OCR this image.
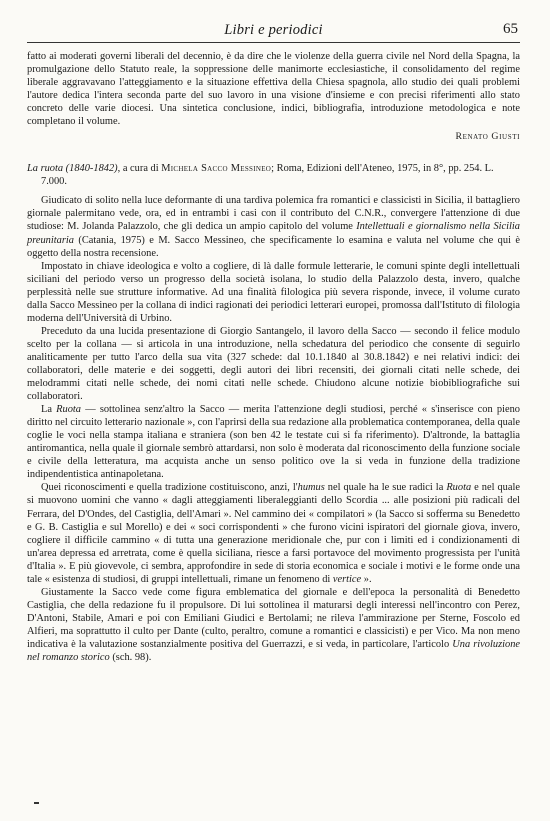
Libri e periodici	65

fatto ai moderati governi liberali del decennio, è da dire che le violenze della guerra civile nel Nord della Spagna, la promulgazione dello Statuto reale, la soppressione delle manimorte ecclesiastiche, il consolidamento del regime liberale aggravavano l'atteggiamento e la situazione effettiva della Chiesa spagnola, allo studio dei quali problemi l'autore dedica l'intera seconda parte del suo lavoro in una visione d'insieme e con precisi riferimenti allo stato concreto delle varie diocesi. Una sintetica conclusione, indici, bibliografia, introduzione metodologica e note completano il volume.

Renato Giusti
La ruota (1840-1842), a cura di Michela Sacco Messineo; Roma, Edizioni dell'Ateneo, 1975, in 8°, pp. 254. L. 7.000.

Giudicato di solito nella luce deformante di una tardiva polemica fra romantici e classicisti in Sicilia, il battagliero giornale palermitano vede, ora, ed in entrambi i casi con il contributo del C.N.R., convergere l'attenzione di due studiose: M. Jolanda Palazzolo, che gli dedica un ampio capitolo del volume Intellettuali e giornalismo nella Sicilia preunitaria (Catania, 1975) e M. Sacco Messineo, che specificamente lo esamina e valuta nel volume che qui è oggetto della nostra recensione.

Impostato in chiave ideologica e volto a cogliere, di là dalle formule letterarie, le comuni spinte degli intellettuali siciliani del periodo verso un progresso della società isolana, lo studio della Palazzolo desta, invero, qualche perplessità nelle sue strutture informative. Ad una finalità filologica più severa risponde, invece, il volume curato dalla Sacco Messineo per la collana di indici ragionati dei periodici letterari europei, promossa dall'Istituto di filologia moderna dell'Università di Urbino.

Preceduto da una lucida presentazione di Giorgio Santangelo, il lavoro della Sacco — secondo il felice modulo scelto per la collana — si articola in una introduzione, nella schedatura del periodico che consente di seguirlo analiticamente per tutto l'arco della sua vita (327 schede: dal 10.1.1840 al 30.8.1842) e nei relativi indici: dei collaboratori, delle materie e dei soggetti, degli autori dei libri recensiti, dei giornali citati nelle schede, dei melodrammi citati nelle schede, dei nomi citati nelle schede. Chiudono alcune notizie biobibliografiche sui collaboratori.

La Ruota — sottolinea senz'altro la Sacco — merita l'attenzione degli studiosi, perché « s'inserisce con pieno diritto nel circuito letterario nazionale », con l'aprirsi della sua redazione alla problematica contemporanea, della quale coglie le voci nella stampa italiana e straniera (son ben 42 le testate cui si fa riferimento). D'altronde, la battaglia antiromantica, nella quale il giornale sembrò attardarsi, non solo è moderata dal riconoscimento della funzione sociale e civile della letteratura, ma acquista anche un senso politico ove la si veda in funzione della tradizione indipendentistica antinapoletana.

Quei riconoscimenti e quella tradizione costituiscono, anzi, l'humus nel quale ha le sue radici la Ruota e nel quale si muovono uomini che vanno « dagli atteggiamenti liberaleggianti dello Scordia ... alle posizioni più radicali del Ferrara, del D'Ondes, del Castiglia, dell'Amari ». Nel cammino dei « compilatori » (la Sacco si sofferma su Benedetto e G. B. Castiglia e sul Morello) e dei « soci corrispondenti » che furono vicini ispiratori del giornale giova, invero, cogliere il difficile cammino « di tutta una generazione meridionale che, pur con i limiti ed i condizionamenti di un'area depressa ed arretrata, come è quella siciliana, riesce a farsi portavoce del movimento progressista per l'unità d'Italia ». E più giovevole, ci sembra, approfondire in sede di storia economica e sociale i motivi e le forme onde una tale « esistenza di studiosi, di gruppi intellettuali, rimane un fenomeno di vertice ».

Giustamente la Sacco vede come figura emblematica del giornale e dell'epoca la personalità di Benedetto Castiglia, che della redazione fu il propulsore. Di lui sottolinea il maturarsi degli interessi nell'incontro con Perez, D'Antoni, Stabile, Amari e poi con Emiliani Giudici e Bertolami; ne rileva l'ammirazione per Sterne, Foscolo ed Alfieri, ma soprattutto il culto per Dante (culto, peraltro, comune a romantici e classicisti) e per Vico. Ma non meno indicativa è la valutazione sostanzialmente positiva del Guerrazzi, e si veda, in particolare, l'articolo Una rivoluzione nel romanzo storico (sch. 98).
